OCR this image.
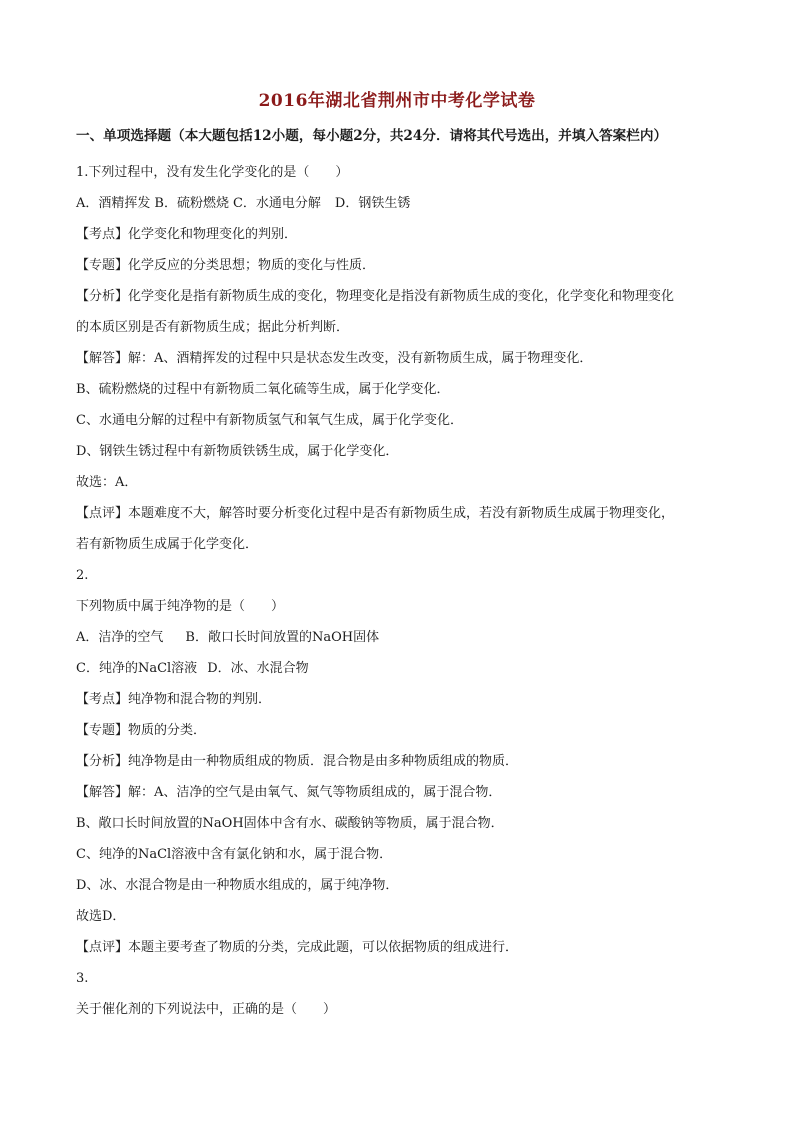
2016年湖北省荆州市中考化学试卷
一、单项选择题（本大题包括12小题，每小题2分，共24分．请将其代号选出，并填入答案栏内）
1.下列过程中，没有发生化学变化的是（　　）
A．酒精挥发 B．硫粉燃烧 C．水通电分解 D．钢铁生锈
【考点】化学变化和物理变化的判别．
【专题】化学反应的分类思想；物质的变化与性质．
【分析】化学变化是指有新物质生成的变化，物理变化是指没有新物质生成的变化，化学变化和物理变化
的本质区别是否有新物质生成；据此分析判断．
【解答】解：A、酒精挥发的过程中只是状态发生改变，没有新物质生成，属于物理变化．
B、硫粉燃烧的过程中有新物质二氧化硫等生成，属于化学变化．
C、水通电分解的过程中有新物质氢气和氧气生成，属于化学变化．
D、钢铁生锈过程中有新物质铁锈生成，属于化学变化．
故选：A．
【点评】本题难度不大，解答时要分析变化过程中是否有新物质生成，若没有新物质生成属于物理变化，
若有新物质生成属于化学变化．
2.
下列物质中属于纯净物的是（　　）
A．洁净的空气 B．敞口长时间放置的NaOH固体
C．纯净的NaCl溶液 D．冰、水混合物
【考点】纯净物和混合物的判别．
【专题】物质的分类．
【分析】纯净物是由一种物质组成的物质．混合物是由多种物质组成的物质．
【解答】解：A、洁净的空气是由氧气、氮气等物质组成的，属于混合物．
B、敞口长时间放置的NaOH固体中含有水、碳酸钠等物质，属于混合物．
C、纯净的NaCl溶液中含有氯化钠和水，属于混合物．
D、冰、水混合物是由一种物质水组成的，属于纯净物．
故选D．
【点评】本题主要考查了物质的分类，完成此题，可以依据物质的组成进行．
3.
关于催化剂的下列说法中，正确的是（　　）
